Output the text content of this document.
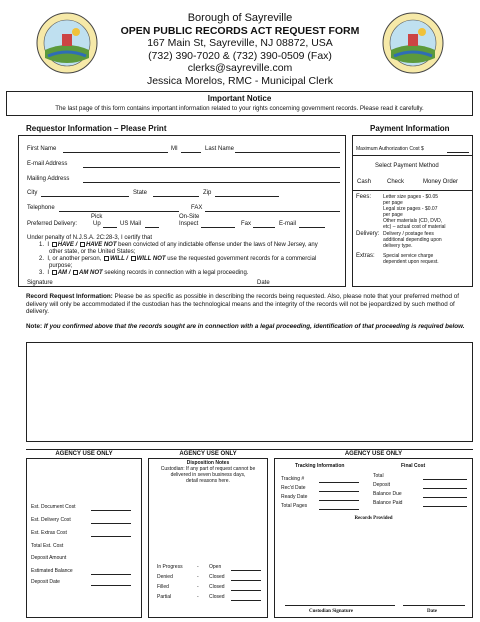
Borough of Sayreville
OPEN PUBLIC RECORDS ACT REQUEST FORM
167 Main St, Sayreville, NJ 08872, USA
(732) 390-7020 & (732) 390-0509 (Fax)
clerks@sayreville.com
Jessica Morelos, RMC - Municipal Clerk
Important Notice
The last page of this form contains important information related to your rights concerning government records. Please read it carefully.
Requestor Information – Please Print	Payment Information
First Name	MI	Last Name
E-mail Address
Mailing Address
City	State	Zip
Telephone	FAX
Pick	On-Site
Preferred Delivery:	Up	US Mail	Inspect	Fax	E-mail
Under penalty of N.J.S.A. 2C:28-3, I certify that
1. I HAVE / HAVE NOT been convicted of any indictable offense under the laws of New Jersey, any
other state, or the United States;
2. I, or another person, WILL / WILL NOT use the requested government records for a commercial
purpose;
3. I AM / AM NOT seeking records in connection with a legal proceeding.
Signature	Date
Maximum Authorization Cost $
Select Payment Method
Cash	Check	Money Order
Fees: Letter size pages - $0.05
per page
Legal size pages - $0.07
per page
Other materials (CD, DVD,
etc) – actual cost of material
Delivery: Delivery / postage fees
additional depending upon
delivery type.
Extras: Special service charge
dependent upon request.
Record Request Information: Please be as specific as possible in describing the records being requested. Also, please note that your preferred method of delivery will only be accommodated if the custodian has the technological means and the integrity of the records will not be jeopardized by such method of delivery.
Note: If you confirmed above that the records sought are in connection with a legal proceeding, identification of that proceeding is required below.
AGENCY USE ONLY
Est. Document Cost
Est. Delivery Cost
Est. Extras Cost
Total Est. Cost
Deposit Amount
Estimated Balance
Deposit Date
AGENCY USE ONLY
Disposition Notes
Custodian: If any part of request cannot be
delivered in seven business days,
detail reasons here.
In Progress	- Open
Denied	- Closed
Filled	- Closed
Partial	- Closed
AGENCY USE ONLY
Tracking Information	Final Cost
Tracking #
Rec'd Date
Ready Date
Total Pages
Total
Deposit
Balance Due
Balance Paid
Records Provided
Custodian Signature	Date
